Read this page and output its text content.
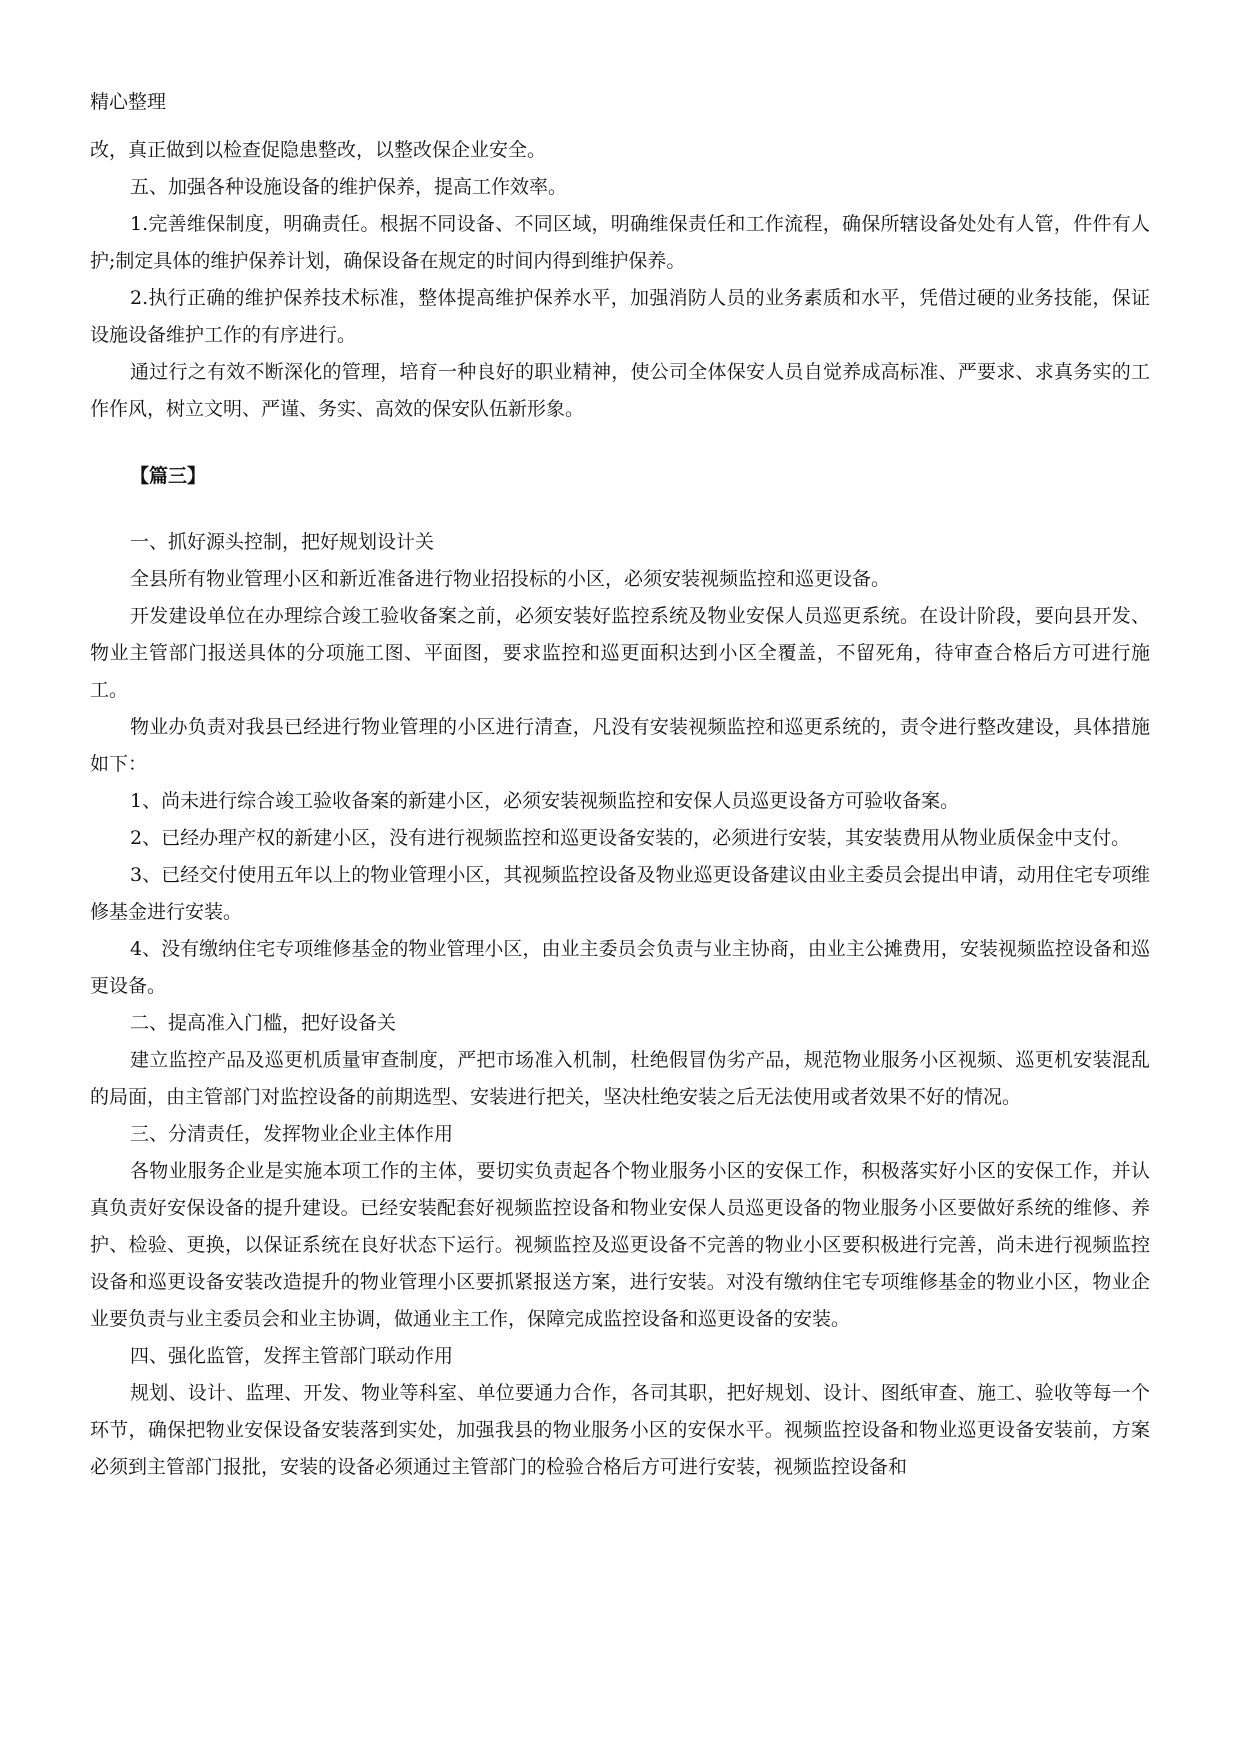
精心整理

改，真正做到以检查促隐患整改，以整改保企业安全。

五、加强各种设施设备的维护保养，提高工作效率。

1.完善维保制度，明确责任。根据不同设备、不同区域，明确维保责任和工作流程，确保所辖设备处处有人管，件件有人护;制定具体的维护保养计划，确保设备在规定的时间内得到维护保养。

2.执行正确的维护保养技术标准，整体提高维护保养水平，加强消防人员的业务素质和水平，凭借过硬的业务技能，保证设施设备维护工作的有序进行。

通过行之有效不断深化的管理，培育一种良好的职业精神，使公司全体保安人员自觉养成高标准、严要求、求真务实的工作作风，树立文明、严谨、务实、高效的保安队伍新形象。

【篇三】

一、抓好源头控制，把好规划设计关

全县所有物业管理小区和新近准备进行物业招投标的小区，必须安装视频监控和巡更设备。

开发建设单位在办理综合竣工验收备案之前，必须安装好监控系统及物业安保人员巡更系统。在设计阶段，要向县开发、物业主管部门报送具体的分项施工图、平面图，要求监控和巡更面积达到小区全覆盖，不留死角，待审查合格后方可进行施工。

物业办负责对我县已经进行物业管理的小区进行清查，凡没有安装视频监控和巡更系统的，责令进行整改建设，具体措施如下：

1、尚未进行综合竣工验收备案的新建小区，必须安装视频监控和安保人员巡更设备方可验收备案。

2、已经办理产权的新建小区，没有进行视频监控和巡更设备安装的，必须进行安装，其安装费用从物业质保金中支付。

3、已经交付使用五年以上的物业管理小区，其视频监控设备及物业巡更设备建议由业主委员会提出申请，动用住宅专项维修基金进行安装。

4、没有缴纳住宅专项维修基金的物业管理小区，由业主委员会负责与业主协商，由业主公摊费用，安装视频监控设备和巡更设备。

二、提高准入门槛，把好设备关

建立监控产品及巡更机质量审查制度，严把市场准入机制，杜绝假冒伪劣产品，规范物业服务小区视频、巡更机安装混乱的局面，由主管部门对监控设备的前期选型、安装进行把关，坚决杜绝安装之后无法使用或者效果不好的情况。

三、分清责任，发挥物业企业主体作用

各物业服务企业是实施本项工作的主体，要切实负责起各个物业服务小区的安保工作，积极落实好小区的安保工作，并认真负责好安保设备的提升建设。已经安装配套好视频监控设备和物业安保人员巡更设备的物业服务小区要做好系统的维修、养护、检验、更换，以保证系统在良好状态下运行。视频监控及巡更设备不完善的物业小区要积极进行完善，尚未进行视频监控设备和巡更设备安装改造提升的物业管理小区要抓紧报送方案，进行安装。对没有缴纳住宅专项维修基金的物业小区，物业企业要负责与业主委员会和业主协调，做通业主工作，保障完成监控设备和巡更设备的安装。

四、强化监管，发挥主管部门联动作用

规划、设计、监理、开发、物业等科室、单位要通力合作，各司其职，把好规划、设计、图纸审查、施工、验收等每一个环节，确保把物业安保设备安装落到实处，加强我县的物业服务小区的安保水平。视频监控设备和物业巡更设备安装前，方案必须到主管部门报批，安装的设备必须通过主管部门的检验合格后方可进行安装，视频监控设备和
